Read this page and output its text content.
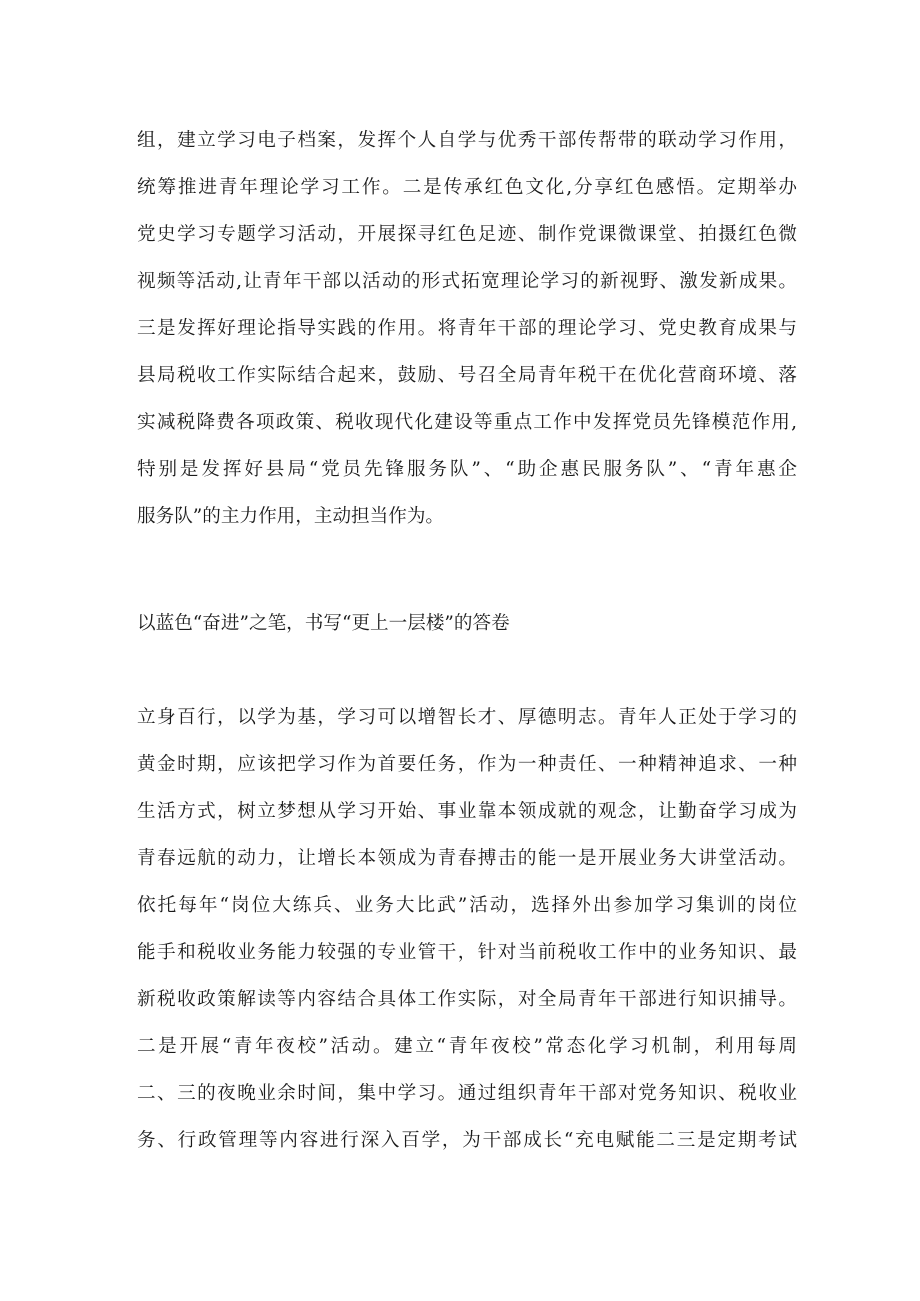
组，建立学习电子档案，发挥个人自学与优秀干部传帮带的联动学习作用，
统筹推进青年理论学习工作。二是传承红色文化,分享红色感悟。定期举办
党史学习专题学习活动，开展探寻红色足迹、制作党课微课堂、拍摄红色微
视频等活动,让青年干部以活动的形式拓宽理论学习的新视野、激发新成果。
三是发挥好理论指导实践的作用。将青年干部的理论学习、党史教育成果与
县局税收工作实际结合起来，鼓励、号召全局青年税干在优化营商环境、落
实减税降费各项政策、税收现代化建设等重点工作中发挥党员先锋模范作用,
特别是发挥好县局“党员先锋服务队”、“助企惠民服务队”、“青年惠企
服务队”的主力作用，主动担当作为。
以蓝色“奋进”之笔，书写“更上一层楼”的答卷
立身百行，以学为基，学习可以增智长才、厚德明志。青年人正处于学习的
黄金时期，应该把学习作为首要任务，作为一种责任、一种精神追求、一种
生活方式，树立梦想从学习开始、事业靠本领成就的观念，让勤奋学习成为
青春远航的动力，让增长本领成为青春搏击的能一是开展业务大讲堂活动。
依托每年“岗位大练兵、业务大比武”活动，选择外出参加学习集训的岗位
能手和税收业务能力较强的专业管干，针对当前税收工作中的业务知识、最
新税收政策解读等内容结合具体工作实际，对全局青年干部进行知识捕导。
二是开展“青年夜校”活动。建立“青年夜校”常态化学习机制，利用每周
二、三的夜晚业余时间，集中学习。通过组织青年干部对党务知识、税收业
务、行政管理等内容进行深入百学，为干部成长“充电赋能二三是定期考试
